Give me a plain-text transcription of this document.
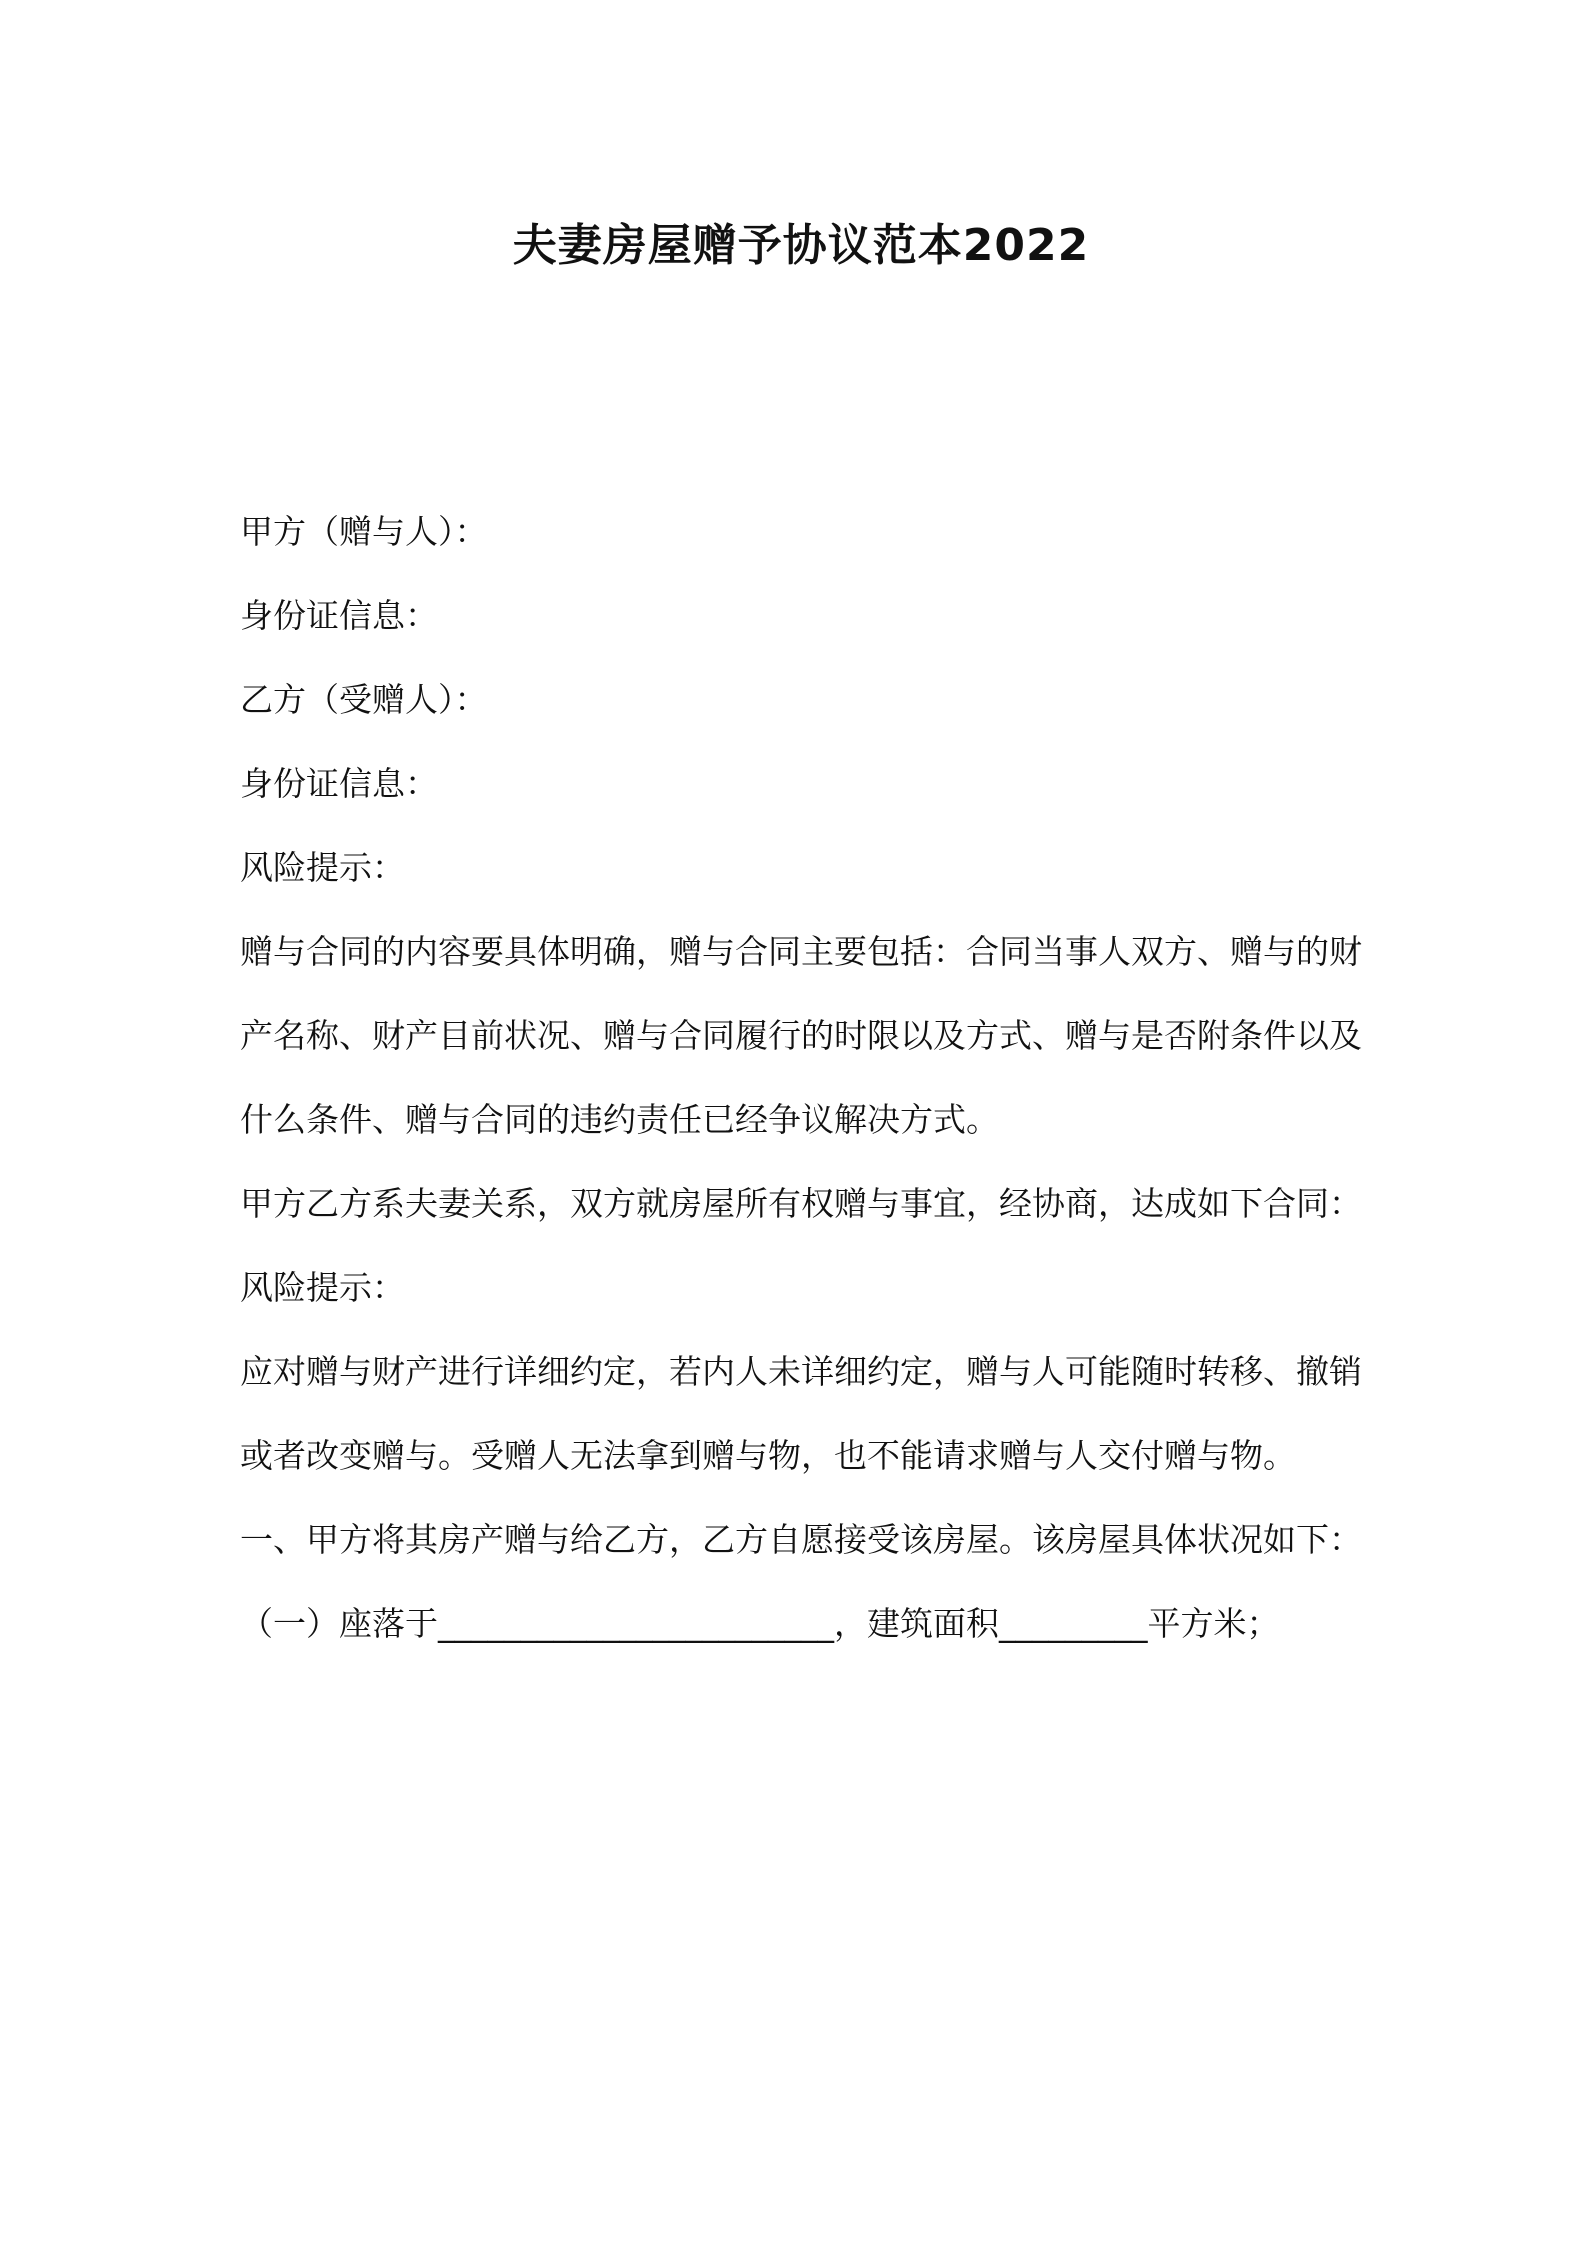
夫妻房屋赠予协议范本2022

甲方（赠与人）：

身份证信息：

乙方（受赠人）：

身份证信息：

风险提示：

赠与合同的内容要具体明确，赠与合同主要包括：合同当事人双方、赠与的财产名称、财产目前状况、赠与合同履行的时限以及方式、赠与是否附条件以及什么条件、赠与合同的违约责任已经争议解决方式。

甲方乙方系夫妻关系，双方就房屋所有权赠与事宜，经协商，达成如下合同：

风险提示：

应对赠与财产进行详细约定，若内人未详细约定，赠与人可能随时转移、撤销或者改变赠与。受赠人无法拿到赠与物，也不能请求赠与人交付赠与物。

一、甲方将其房产赠与给乙方，乙方自愿接受该房屋。该房屋具体状况如下：

（一）座落于________________________，建筑面积_________平方米；
